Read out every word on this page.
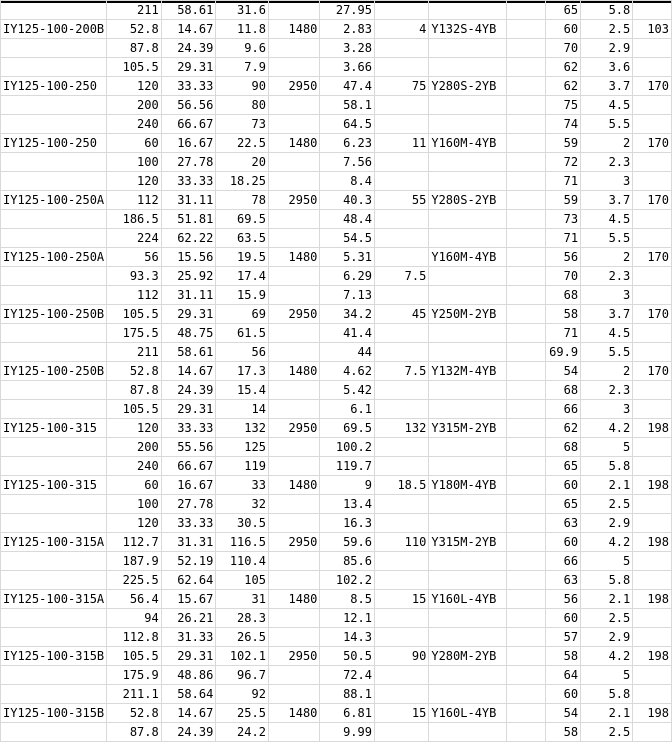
	211	58.61	31.6		27.95				65	5.8	
IY125-100-200B	52.8	14.67	11.8	1480	2.83	4	Y132S-4YB		60	2.5	103
	87.8	24.39	9.6		3.28				70	2.9	
	105.5	29.31	7.9		3.66				62	3.6	
IY125-100-250	120	33.33	90	2950	47.4	75	Y280S-2YB		62	3.7	170
	200	56.56	80		58.1				75	4.5	
	240	66.67	73		64.5				74	5.5	
IY125-100-250	60	16.67	22.5	1480	6.23	11	Y160M-4YB		59	2	170
	100	27.78	20		7.56				72	2.3	
	120	33.33	18.25		8.4				71	3	
IY125-100-250A	112	31.11	78	2950	40.3	55	Y280S-2YB		59	3.7	170
	186.5	51.81	69.5		48.4				73	4.5	
	224	62.22	63.5		54.5				71	5.5	
IY125-100-250A	56	15.56	19.5	1480	5.31		Y160M-4YB		56	2	170
	93.3	25.92	17.4		6.29	7.5			70	2.3	
	112	31.11	15.9		7.13				68	3	
IY125-100-250B	105.5	29.31	69	2950	34.2	45	Y250M-2YB		58	3.7	170
	175.5	48.75	61.5		41.4				71	4.5	
	211	58.61	56		44				69.9	5.5	
IY125-100-250B	52.8	14.67	17.3	1480	4.62	7.5	Y132M-4YB		54	2	170
	87.8	24.39	15.4		5.42				68	2.3	
	105.5	29.31	14		6.1				66	3	
IY125-100-315	120	33.33	132	2950	69.5	132	Y315M-2YB		62	4.2	198
	200	55.56	125		100.2				68	5	
	240	66.67	119		119.7				65	5.8	
IY125-100-315	60	16.67	33	1480	9	18.5	Y180M-4YB		60	2.1	198
	100	27.78	32		13.4				65	2.5	
	120	33.33	30.5		16.3				63	2.9	
IY125-100-315A	112.7	31.31	116.5	2950	59.6	110	Y315M-2YB		60	4.2	198
	187.9	52.19	110.4		85.6				66	5	
	225.5	62.64	105		102.2				63	5.8	
IY125-100-315A	56.4	15.67	31	1480	8.5	15	Y160L-4YB		56	2.1	198
	94	26.21	28.3		12.1				60	2.5	
	112.8	31.33	26.5		14.3				57	2.9	
IY125-100-315B	105.5	29.31	102.1	2950	50.5	90	Y280M-2YB		58	4.2	198
	175.9	48.86	96.7		72.4				64	5	
	211.1	58.64	92		88.1				60	5.8	
IY125-100-315B	52.8	14.67	25.5	1480	6.81	15	Y160L-4YB		54	2.1	198
	87.8	24.39	24.2		9.99				58	2.5	
